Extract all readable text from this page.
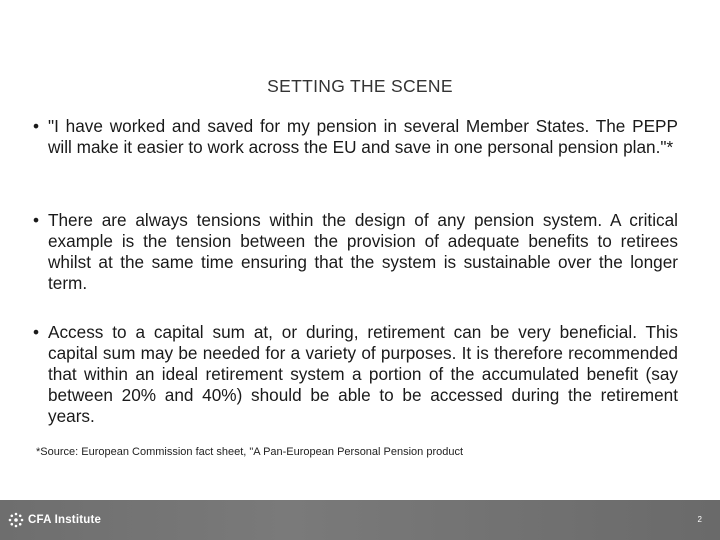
SETTING THE SCENE

• "I have worked and saved for my pension in several Member States. The PEPP will make it easier to work across the EU and save in one personal pension plan."*

• There are always tensions within the design of any pension system. A critical example is the tension between the provision of adequate benefits to retirees whilst at the same time ensuring that the system is sustainable over the longer term.

• Access to a capital sum at, or during, retirement can be very beneficial. This capital sum may be needed for a variety of purposes. It is therefore recommended that within an ideal retirement system a portion of the accumulated benefit (say between 20% and 40%) should be able to be accessed during the retirement years.

*Source: European Commission fact sheet, "A Pan-European Personal Pension product
CFA Institute	2
